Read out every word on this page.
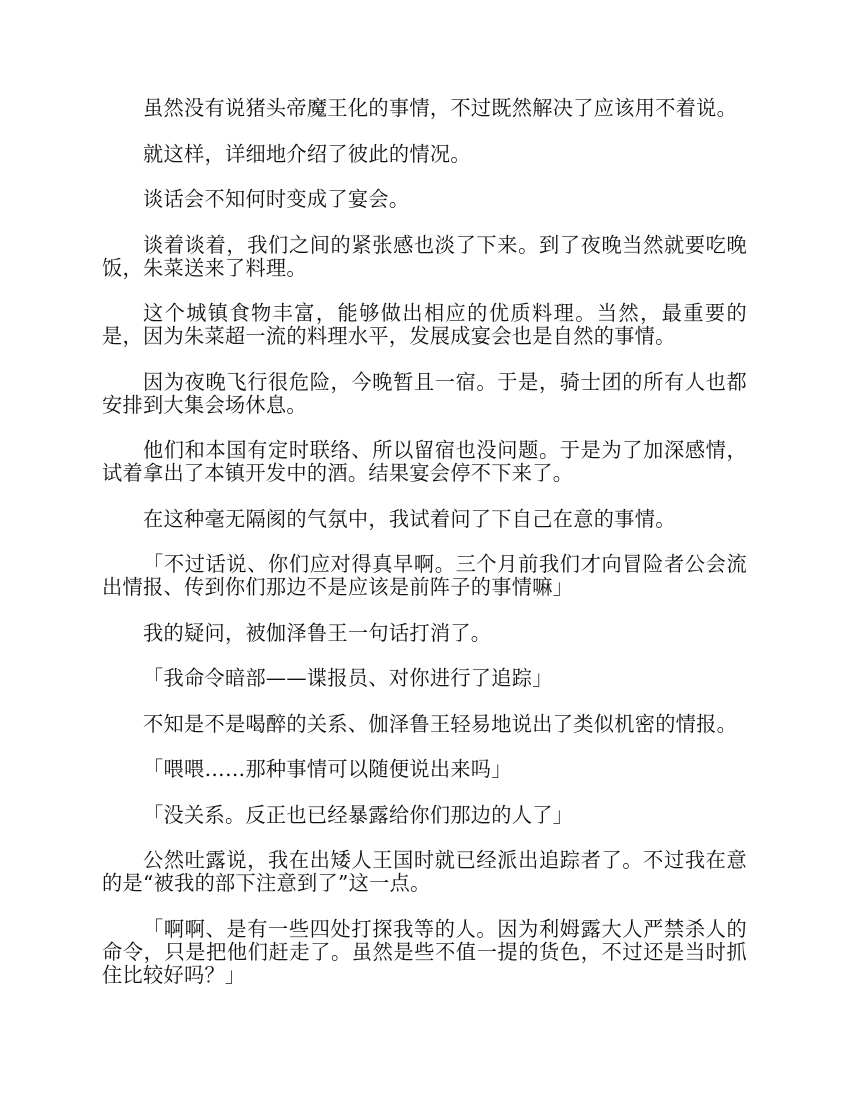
虽然没有说猪头帝魔王化的事情，不过既然解决了应该用不着说。

就这样，详细地介绍了彼此的情况。

谈话会不知何时变成了宴会。

谈着谈着，我们之间的紧张感也淡了下来。到了夜晚当然就要吃晚饭，朱菜送来了料理。

这个城镇食物丰富，能够做出相应的优质料理。当然，最重要的是，因为朱菜超一流的料理水平，发展成宴会也是自然的事情。

因为夜晚飞行很危险，今晚暂且一宿。于是，骑士团的所有人也都安排到大集会场休息。

他们和本国有定时联络、所以留宿也没问题。于是为了加深感情，试着拿出了本镇开发中的酒。结果宴会停不下来了。

在这种毫无隔阂的气氛中，我试着问了下自己在意的事情。

「不过话说、你们应对得真早啊。三个月前我们才向冒险者公会流出情报、传到你们那边不是应该是前阵子的事情嘛」

我的疑问，被伽泽鲁王一句话打消了。

「我命令暗部——谍报员、对你进行了追踪」

不知是不是喝醉的关系、伽泽鲁王轻易地说出了类似机密的情报。

「喂喂……那种事情可以随便说出来吗」

「没关系。反正也已经暴露给你们那边的人了」

公然吐露说，我在出矮人王国时就已经派出追踪者了。不过我在意的是“被我的部下注意到了”这一点。

「啊啊、是有一些四处打探我等的人。因为利姆露大人严禁杀人的命令，只是把他们赶走了。虽然是些不值一提的货色，不过还是当时抓住比较好吗？」
